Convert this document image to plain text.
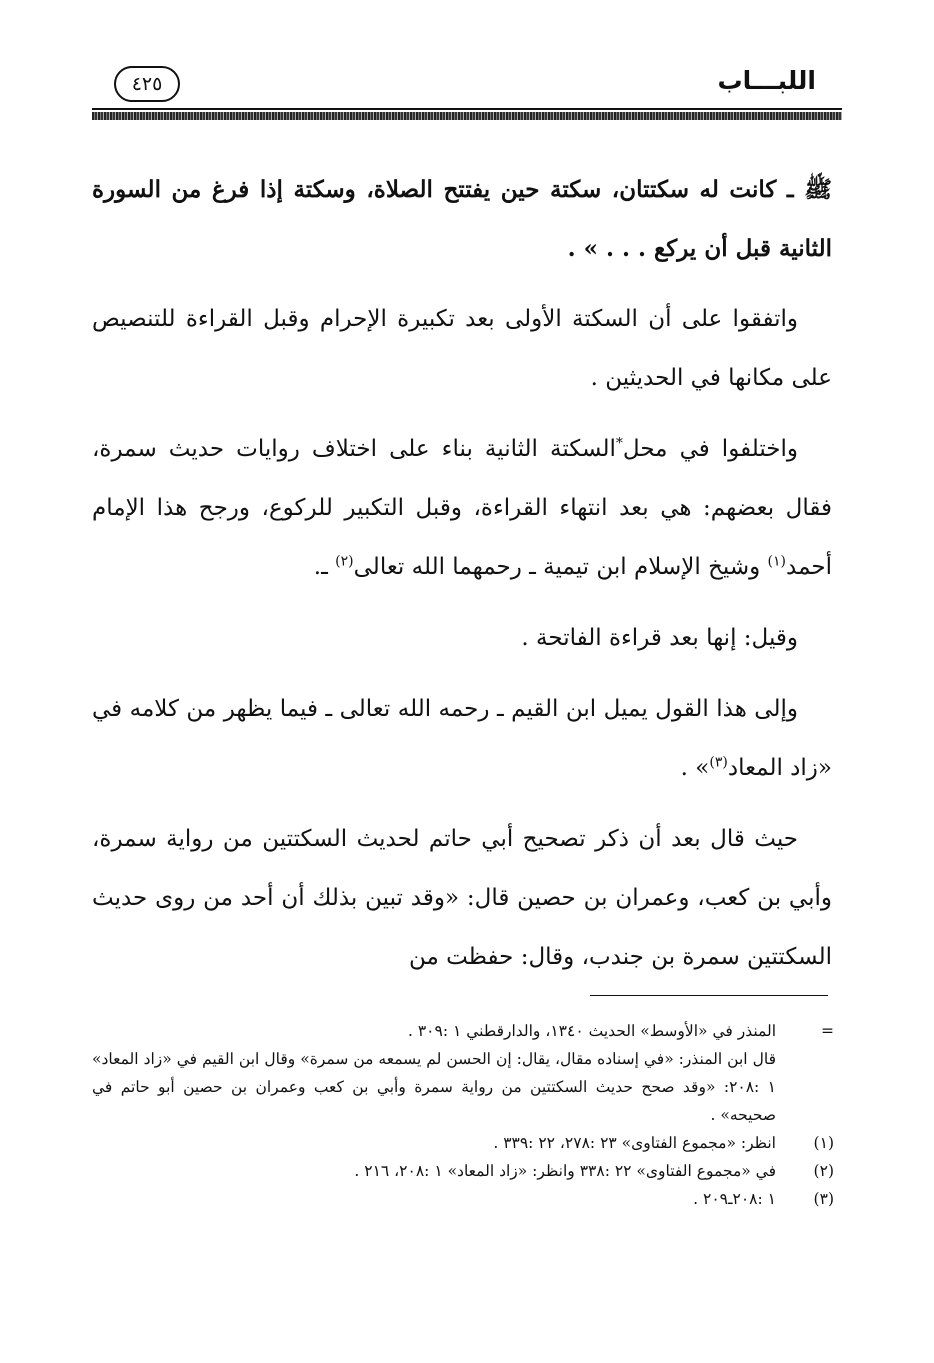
اللبـــاب
٤٢٥

ﷺ ـ كانت له سكتتان، سكتة حين يفتتح الصلاة، وسكتة إذا فرغ من السورة الثانية قبل أن يركع . . . » .

واتفقوا على أن السكتة الأولى بعد تكبيرة الإحرام وقبل القراءة للتنصيص على مكانها في الحديثين .

واختلفوا في محل*السكتة الثانية بناء على اختلاف روايات حديث سمرة، فقال بعضهم: هي بعد انتهاء القراءة، وقبل التكبير للركوع، ورجح هذا الإمام أحمد$^{(١)}$ وشيخ الإسلام ابن تيمية ـ رحمهما الله تعالى$^{(٢)}$ ـ.

وقيل: إنها بعد قراءة الفاتحة .

وإلى هذا القول يميل ابن القيم ـ رحمه الله تعالى ـ فيما يظهر من كلامه في «زاد المعاد$^{(٣)}$» .

حيث قال بعد أن ذكر تصحيح أبي حاتم لحديث السكتتين من رواية سمرة، وأبي بن كعب، وعمران بن حصين قال: «وقد تبين بذلك أن أحد من روى حديث السكتتين سمرة بن جندب، وقال: حفظت من

=
المنذر في «الأوسط» الحديث ١٣٤٠، والدارقطني ١ :٣٠٩ .
قال ابن المنذر: «في إسناده مقال، يقال: إن الحسن لم يسمعه من سمرة» وقال ابن القيم في «زاد المعاد» ١ :٢٠٨: «وقد صحح حديث السكتتين من رواية سمرة وأبي بن كعب وعمران بن حصين أبو حاتم في صحيحه» .
(١)
انظر: «مجموع الفتاوى» ٢٣ :٢٧٨، ٢٢ :٣٣٩ .
(٢)
في «مجموع الفتاوى» ٢٢ :٣٣٨ وانظر: «زاد المعاد» ١ :٢٠٨، ٢١٦ .
(٣)
١ :٢٠٨ـ٢٠٩ .
